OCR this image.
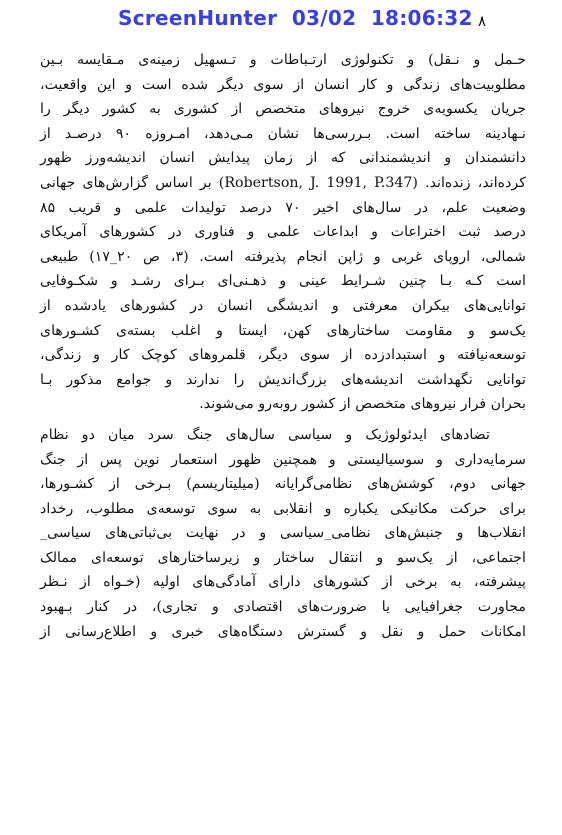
ScreenHunter  03/02  18:06:32 ۸
حـمل و نـقل) و تکنولوژی ارتـباطات و تـسهیل زمینه‌ی مـقایسه بـین
مطلوبیت‌های زندگی و کار انسان از سوی دیگر شده است و این واقعیت،
جریان یکسویه‌ی خروج نیروهای متخصص از کشوری به کشور دیگر را
نـهادینه ساخته است. بـررسی‌ها نشان مـی‌دهد، امـروزه ۹۰ درصـد از
دانشمندان و اندیشمندانی که از زمان پیدایش انسان اندیشه‌ورز ظهور
کرده‌اند، زنده‌اند. (Robertson, J. 1991, P.347) بر اساس گزارش‌های جهانی
وضعیت علم، در سال‌های اخیر ۷۰ درصد تولیدات علمی و قریب ۸۵
درصد ثبت اختراعات و ابداعات علمی و فناوری در کشورهای آمریکای
شمالی، اروپای غربی و ژاپن انجام پذیرفته است. (۳، ص ۲۰_۱۷) طبیعی
است کـه بـا چنین شـرایط عینی و ذهـنی‌ای بـرای رشـد و شکـوفایی
توانایی‌های بیکران معرفتی و اندیشگی انسان در کشورهای یادشده از
یک‌سو و مقاومت ساختارهای کهن، ایستا و اغلب بسته‌ی کشـورهای
توسعه‌نیافته و استبدادزده از سوی دیگر، قلمروهای کوچک کار و زندگی،
توانایی نگهداشت اندیشه‌های بزرگ‌اندیش را ندارند و جوامع مذکور بـا
بحران فرار نیروهای متخصص از کشور روبه‌رو می‌شوند.
تضادهای ایدئولوژیک و سیاسی سال‌های جنگ سرد میان دو نظام
سرمایه‌داری و سوسیالیستی و همچنین ظهور استعمار نوین پس از جنگ
جهانی دوم، کوشش‌های نظامی‌گرایانه (میلیتاریسم) بـرخی از کشـورها،
برای حرکت مکانیکی یکباره و انقلابی به سوی توسعه‌ی مطلوب، رخداد
انقلاب‌ها و جنبش‌های نظامی_سیاسی و در نهایت بی‌ثباتی‌های سیاسی_
اجتماعی، از یک‌سو و انتقال ساختار و زیرساختارهای توسعه‌ای ممالک
پیشرفته، به برخی از کشورهای دارای آمادگی‌های اولیه (خـواه از نـظر
مجاورت جغرافیایی یا ضرورت‌های اقتصادی و تجاری)، در کنار بـهبود
امکانات حمل و نقل و گسترش دستگاه‌های خبری و اطلاع‌رسانی از
